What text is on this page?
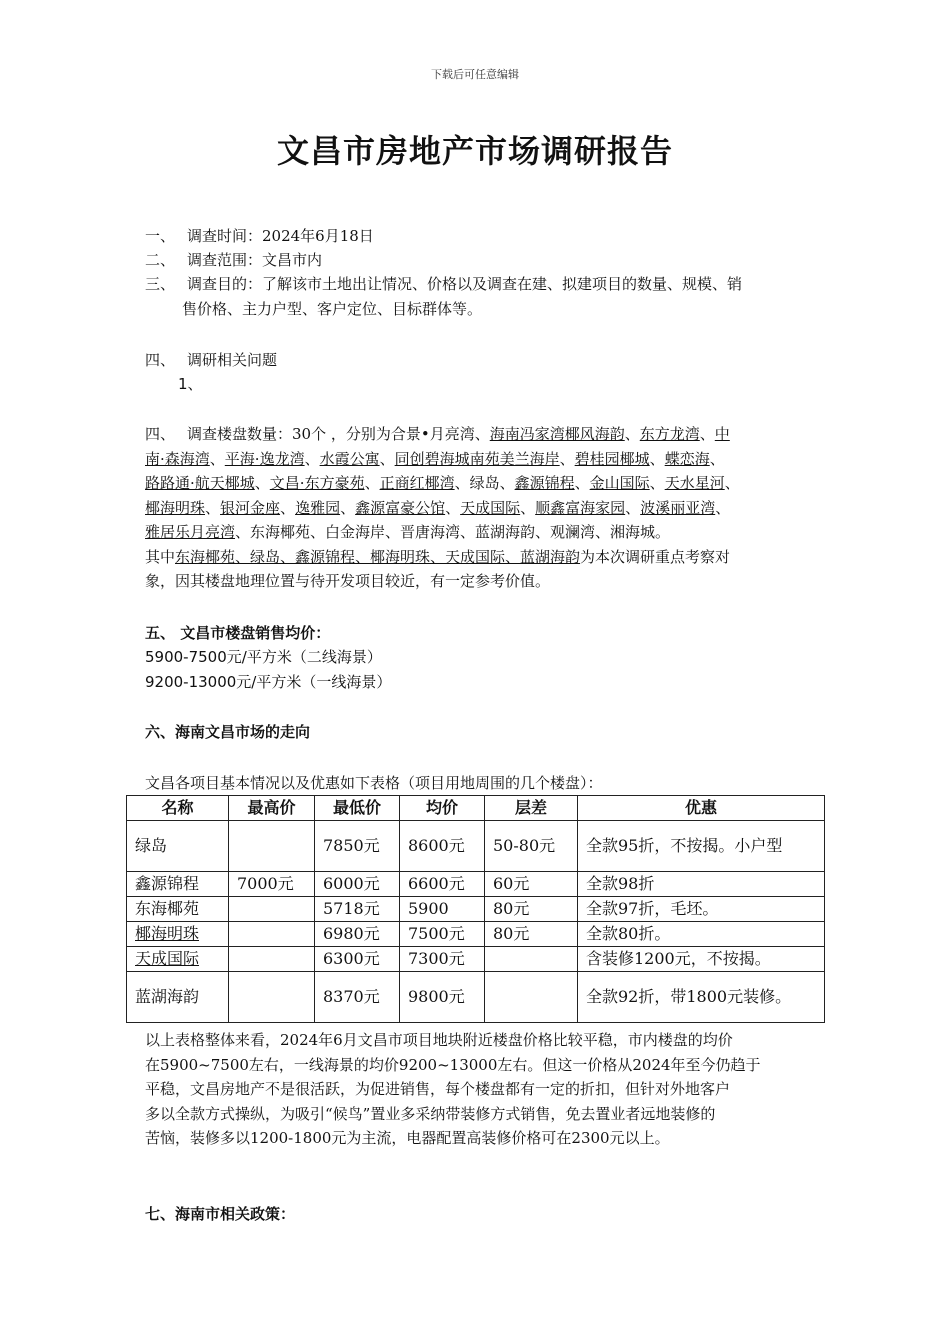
下载后可任意编辑
文昌市房地产市场调研报告
一、 调查时间：2024年6月18日
二、 调查范围：文昌市内
三、 调查目的：了解该市土地出让情况、价格以及调查在建、拟建项目的数量、规模、销
售价格、主力户型、客户定位、目标群体等。
四、 调研相关问题
1、
四、 调查楼盘数量：30个 ，分别为合景•月亮湾、海南冯家湾椰风海韵、东方龙湾、中
南·森海湾、平海·逸龙湾、水霞公寓、同创碧海城南苑美兰海岸、碧桂园椰城、蝶恋海、
路路通·航天椰城、文昌·东方豪苑、正商红椰湾、绿岛、鑫源锦程、金山国际、天水星河、
椰海明珠、银河金座、逸雅园、鑫源富豪公馆、天成国际、顺鑫富海家园、波溪丽亚湾、
雅居乐月亮湾、东海椰苑、白金海岸、晋唐海湾、蓝湖海韵、观澜湾、湘海城。
其中东海椰苑、绿岛、鑫源锦程、椰海明珠、天成国际、蓝湖海韵为本次调研重点考察对
象，因其楼盘地理位置与待开发项目较近，有一定参考价值。
五、 文昌市楼盘销售均价：
5900-7500元/平方米（二线海景）
9200-13000元/平方米（一线海景）
六、海南文昌市场的走向
文昌各项目基本情况以及优惠如下表格（项目用地周围的几个楼盘）：
名称	最高价	最低价	均价	层差	优惠
绿岛		7850元	8600元	50-80元	全款95折，不按揭。小户型
鑫源锦程	7000元	6000元	6600元	60元	全款98折
东海椰苑		5718元	5900	80元	全款97折，毛坯。
椰海明珠		6980元	7500元	80元	全款80折。
天成国际		6300元	7300元		含装修1200元，不按揭。
蓝湖海韵		8370元	9800元		全款92折，带1800元装修。
以上表格整体来看，2024年6月文昌市项目地块附近楼盘价格比较平稳，市内楼盘的均价
在5900~7500左右，一线海景的均价9200~13000左右。但这一价格从2024年至今仍趋于
平稳，文昌房地产不是很活跃，为促进销售，每个楼盘都有一定的折扣，但针对外地客户
多以全款方式操纵，为吸引“候鸟”置业多采纳带装修方式销售，免去置业者远地装修的
苦恼，装修多以1200-1800元为主流，电器配置高装修价格可在2300元以上。
七、海南市相关政策：
